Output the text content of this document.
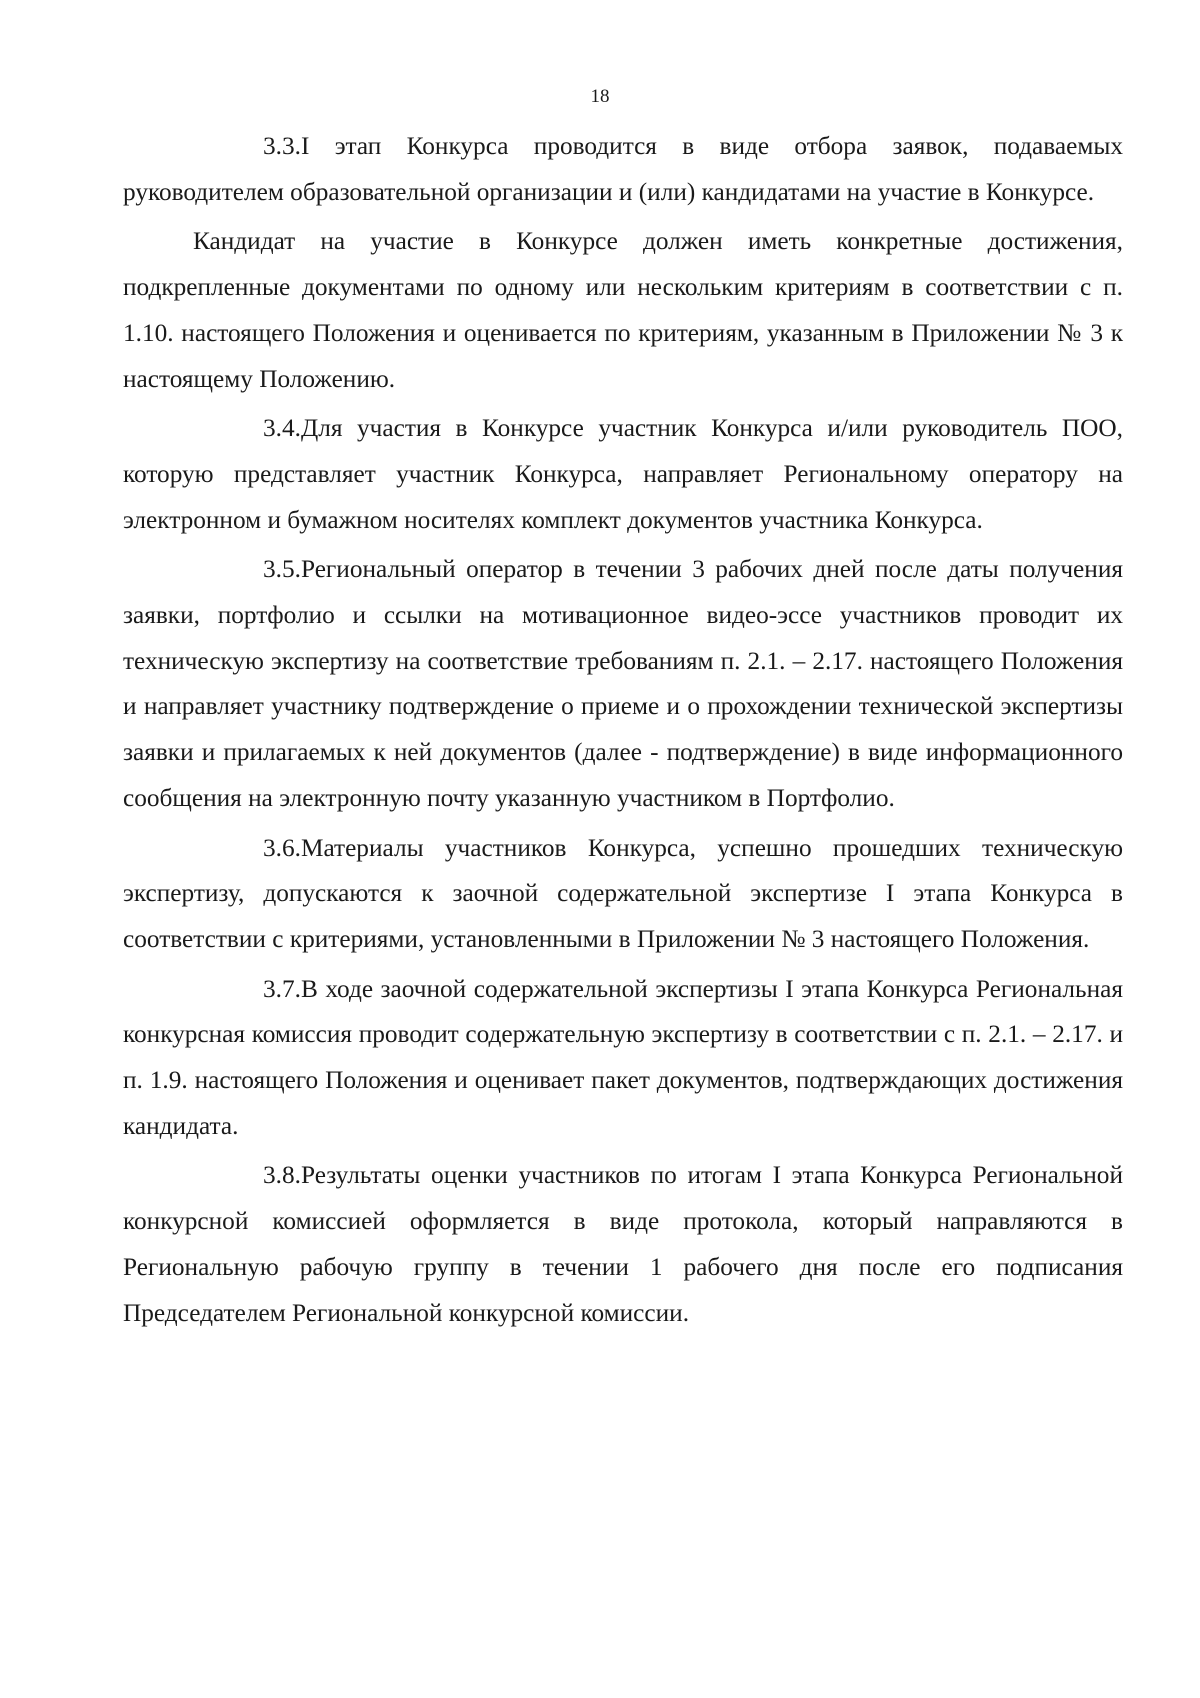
18

3.3.I этап Конкурса проводится в виде отбора заявок, подаваемых руководителем образовательной организации и (или) кандидатами на участие в Конкурсе.

Кандидат на участие в Конкурсе должен иметь конкретные достижения, подкрепленные документами по одному или нескольким критериям в соответствии с п. 1.10. настоящего Положения и оценивается по критериям, указанным в Приложении № 3 к настоящему Положению.

3.4.Для участия в Конкурсе участник Конкурса и/или руководитель ПОО, которую представляет участник Конкурса, направляет Региональному оператору на электронном и бумажном носителях комплект документов участника Конкурса.

3.5.Региональный оператор в течении 3 рабочих дней после даты получения заявки, портфолио и ссылки на мотивационное видео-эссе участников проводит их техническую экспертизу на соответствие требованиям п. 2.1. – 2.17. настоящего Положения и направляет участнику подтверждение о приеме и о прохождении технической экспертизы заявки и прилагаемых к ней документов (далее - подтверждение) в виде информационного сообщения на электронную почту указанную участником в Портфолио.

3.6.Материалы участников Конкурса, успешно прошедших техническую экспертизу, допускаются к заочной содержательной экспертизе I этапа Конкурса в соответствии с критериями, установленными в Приложении № 3 настоящего Положения.

3.7.В ходе заочной содержательной экспертизы I этапа Конкурса Региональная конкурсная комиссия проводит содержательную экспертизу в соответствии с п. 2.1. – 2.17. и п. 1.9. настоящего Положения и оценивает пакет документов, подтверждающих достижения кандидата.

3.8.Результаты оценки участников по итогам I этапа Конкурса Региональной конкурсной комиссией оформляется в виде протокола, который направляются в Региональную рабочую группу в течении 1 рабочего дня после его подписания Председателем Региональной конкурсной комиссии.
